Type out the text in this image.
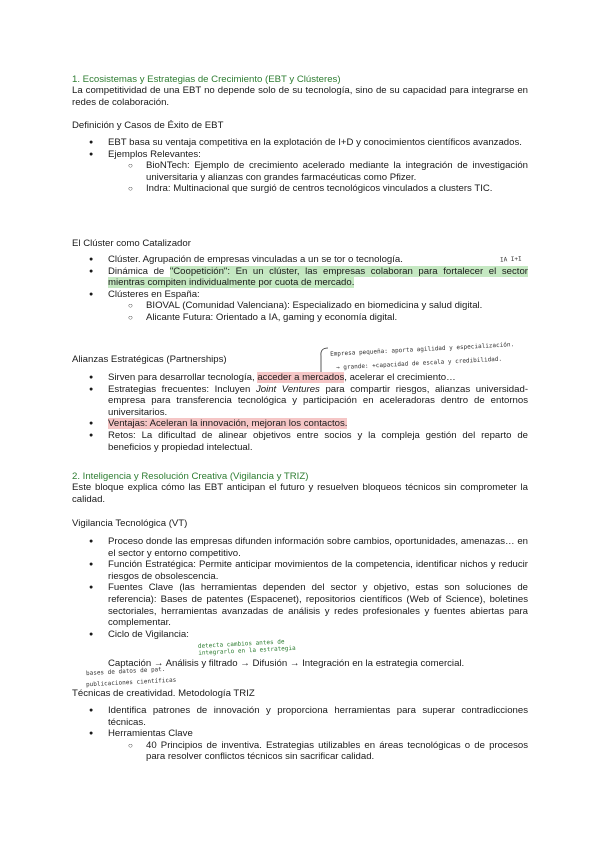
1. Ecosistemas y Estrategias de Crecimiento (EBT y Clústeres)
La competitividad de una EBT no depende solo de su tecnología, sino de su capacidad para integrarse en redes de colaboración.
Definición y Casos de Éxito de EBT
● EBT basa su ventaja competitiva en la explotación de I+D y conocimientos científicos avanzados.
● Ejemplos Relevantes:
○ BioNTech: Ejemplo de crecimiento acelerado mediante la integración de investigación universitaria y alianzas con grandes farmacéuticas como Pfizer.
○ Indra: Multinacional que surgió de centros tecnológicos vinculados a clusters TIC.
El Clúster como Catalizador
● Clúster. Agrupación de empresas vinculadas a un se tor o tecnología.
● Dinámica de "Coopetición": En un clúster, las empresas colaboran para fortalecer el sector mientras compiten individualmente por cuota de mercado.
● Clústeres en España:
○ BIOVAL (Comunidad Valenciana): Especializado en biomedicina y salud digital.
○ Alicante Futura: Orientado a IA, gaming y economía digital.
IA I+I
Alianzas Estratégicas (Partnerships)
Empresa pequeña: aporta agilidad y especialización.
→ grande: +capacidad de escala y credibilidad.
● Sirven para desarrollar tecnología, acceder a mercados, acelerar el crecimiento…
● Estrategias frecuentes: Incluyen Joint Ventures para compartir riesgos, alianzas universidad-empresa para transferencia tecnológica y participación en aceleradoras dentro de entornos universitarios.
● Ventajas: Aceleran la innovación, mejoran los contactos.
● Retos: La dificultad de alinear objetivos entre socios y la compleja gestión del reparto de beneficios y propiedad intelectual.
2. Inteligencia y Resolución Creativa (Vigilancia y TRIZ)
Este bloque explica cómo las EBT anticipan el futuro y resuelven bloqueos técnicos sin comprometer la calidad.
Vigilancia Tecnológica (VT)
● Proceso donde las empresas difunden información sobre cambios, oportunidades, amenazas… en el sector y entorno competitivo.
● Función Estratégica: Permite anticipar movimientos de la competencia, identificar nichos y reducir riesgos de obsolescencia.
● Fuentes Clave (las herramientas dependen del sector y objetivo, estas son soluciones de referencia): Bases de patentes (Espacenet), repositorios científicos (Web of Science), boletines sectoriales, herramientas avanzadas de análisis y redes profesionales y fuentes abiertas para complementar.
● Ciclo de Vigilancia:
detecta cambios antes de integrarlo en la estrategia
Captación → Análisis y filtrado → Difusión → Integración en la estrategia comercial.
bases de datos de pat.
publicaciones científicas
Técnicas de creatividad. Metodología TRIZ
● Identifica patrones de innovación y proporciona herramientas para superar contradicciones técnicas.
● Herramientas Clave
○ 40 Principios de inventiva. Estrategias utilizables en áreas tecnológicas o de procesos para resolver conflictos técnicos sin sacrificar calidad.
